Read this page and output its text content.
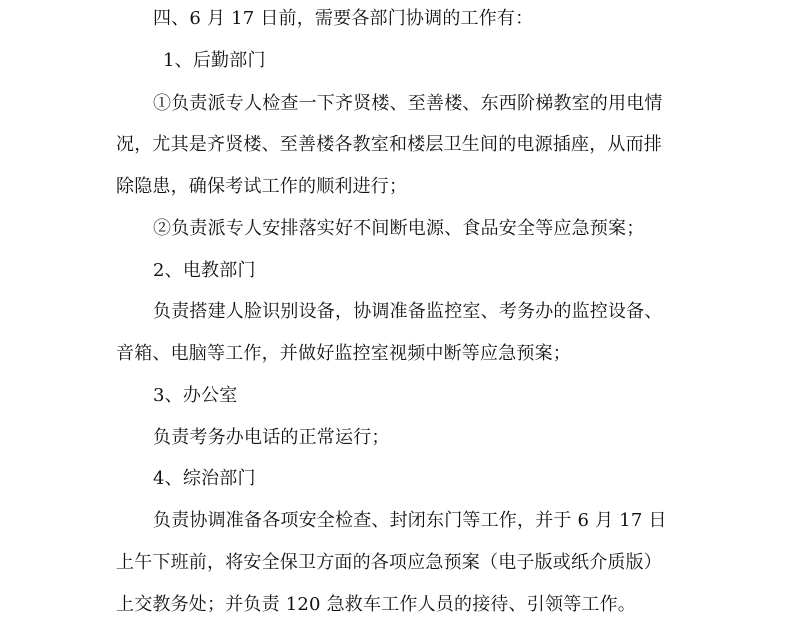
四、6 月 17 日前，需要各部门协调的工作有：
1、后勤部门
①负责派专人检查一下齐贤楼、至善楼、东西阶梯教室的用电情
况，尤其是齐贤楼、至善楼各教室和楼层卫生间的电源插座，从而排
除隐患，确保考试工作的顺利进行；
②负责派专人安排落实好不间断电源、食品安全等应急预案；
2、电教部门
负责搭建人脸识别设备，协调准备监控室、考务办的监控设备、
音箱、电脑等工作，并做好监控室视频中断等应急预案；
3、办公室
负责考务办电话的正常运行；
4、综治部门
负责协调准备各项安全检查、封闭东门等工作，并于 6 月 17 日
上午下班前，将安全保卫方面的各项应急预案（电子版或纸介质版）
上交教务处；并负责 120 急救车工作人员的接待、引领等工作。
